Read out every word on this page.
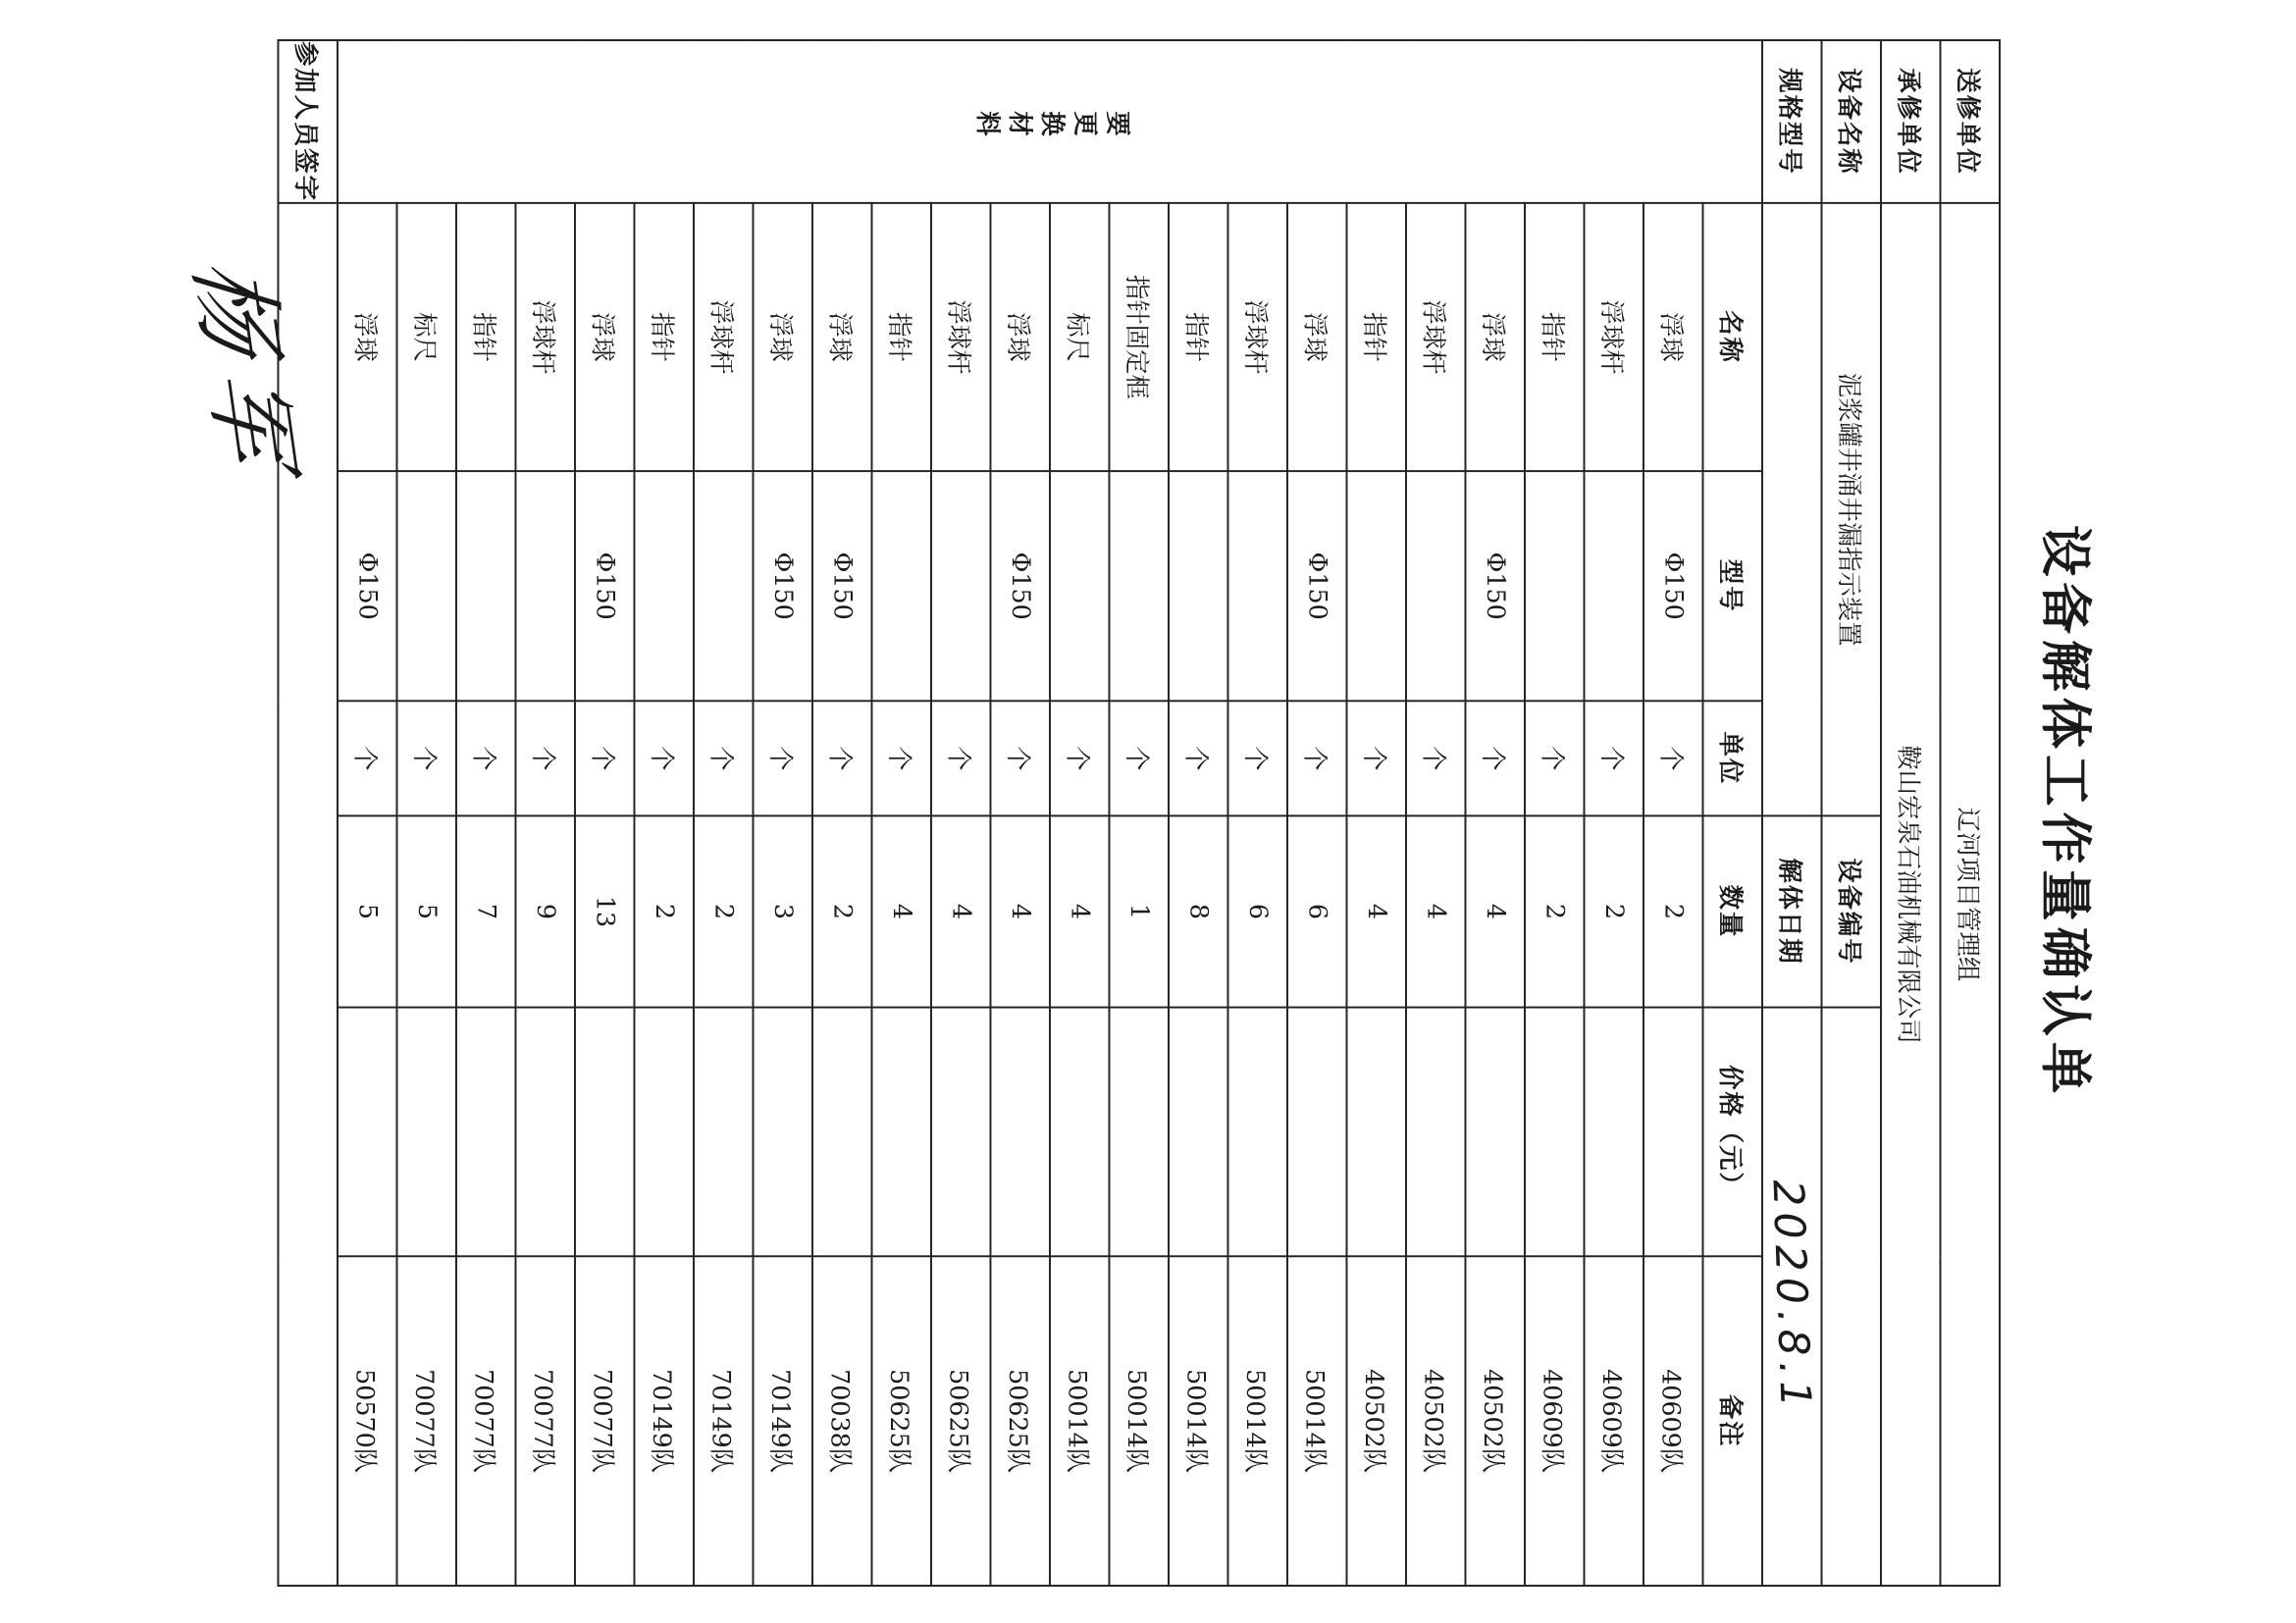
设备解体工作量确认单
送修单位	辽河项目管理组					
承修单位	鞍山宏泉石油机械有限公司					
设备名称	泥浆罐井涌井漏指示装置			设备编号		
规格型号				解体日期	2020.8.1	
要更换材料	名称	型号	单位	数量	价格（元）	备注
	浮球	Φ150	个	2		40609队
	浮球杆		个	2		40609队
	指针		个	2		40609队
	浮球	Φ150	个	4		40502队
	浮球杆		个	4		40502队
	指针		个	4		40502队
	浮球	Φ150	个	6		50014队
	浮球杆		个	6		50014队
	指针		个	8		50014队
	指针固定框		个	1		50014队
	标尺		个	4		50014队
	浮球	Φ150	个	4		50625队
	浮球杆		个	4		50625队
	指针		个	4		50625队
	浮球	Φ150	个	2		70038队
	浮球	Φ150	个	3		70149队
	浮球杆		个	2		70149队
	指针		个	2		70149队
	浮球	Φ150	个	13		70077队
	浮球杆		个	9		70077队
	指针		个	7		70077队
	标尺		个	5		70077队
	浮球	Φ150	个	5		50570队
参加人员签字	杨军					
